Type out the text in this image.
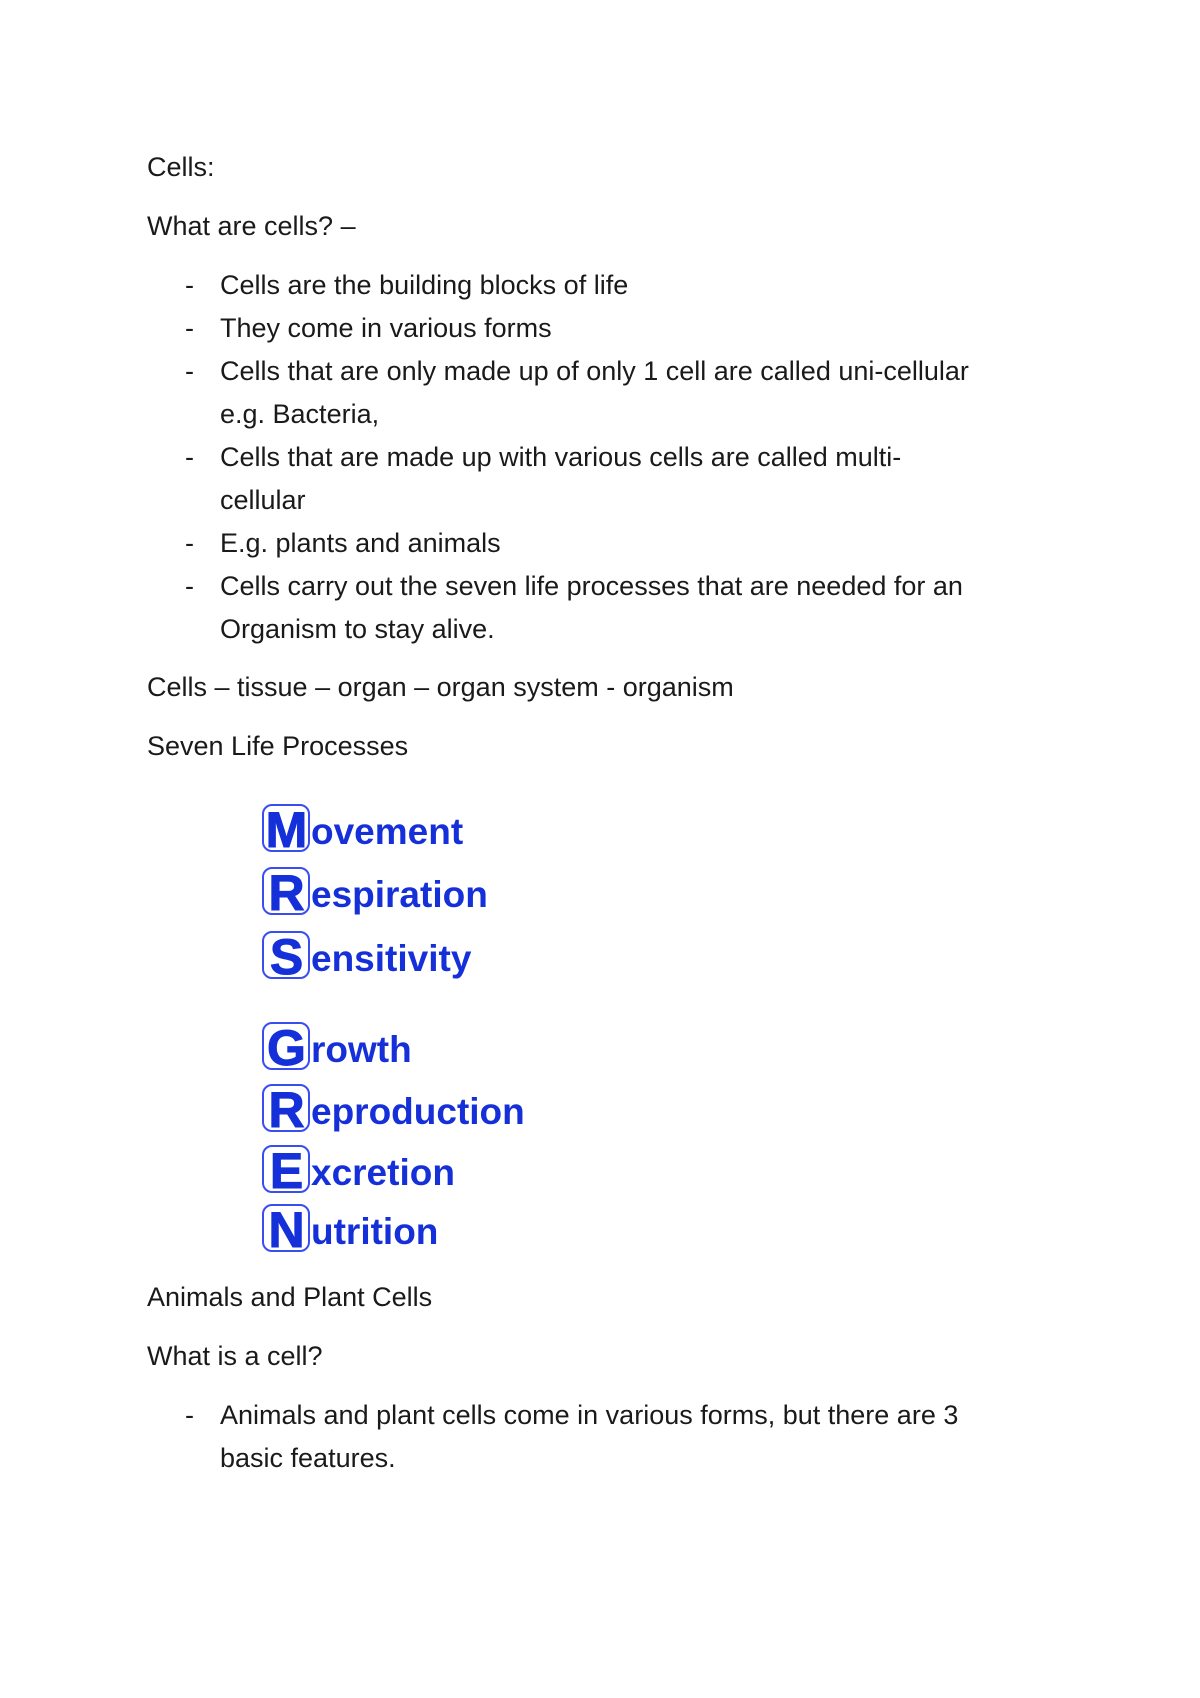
Cells:

What are cells? –

- Cells are the building blocks of life
- They come in various forms
- Cells that are only made up of only 1 cell are called uni-cellular
e.g. Bacteria,
- Cells that are made up with various cells are called multi-
cellular
- E.g. plants and animals
- Cells carry out the seven life processes that are needed for an
Organism to stay alive.

Cells – tissue – organ – organ system - organism

Seven Life Processes

M ovement
R espiration
S ensitivity
G rowth
R eproduction
E xcretion
N utrition

Animals and Plant Cells

What is a cell?

- Animals and plant cells come in various forms, but there are 3
basic features.
